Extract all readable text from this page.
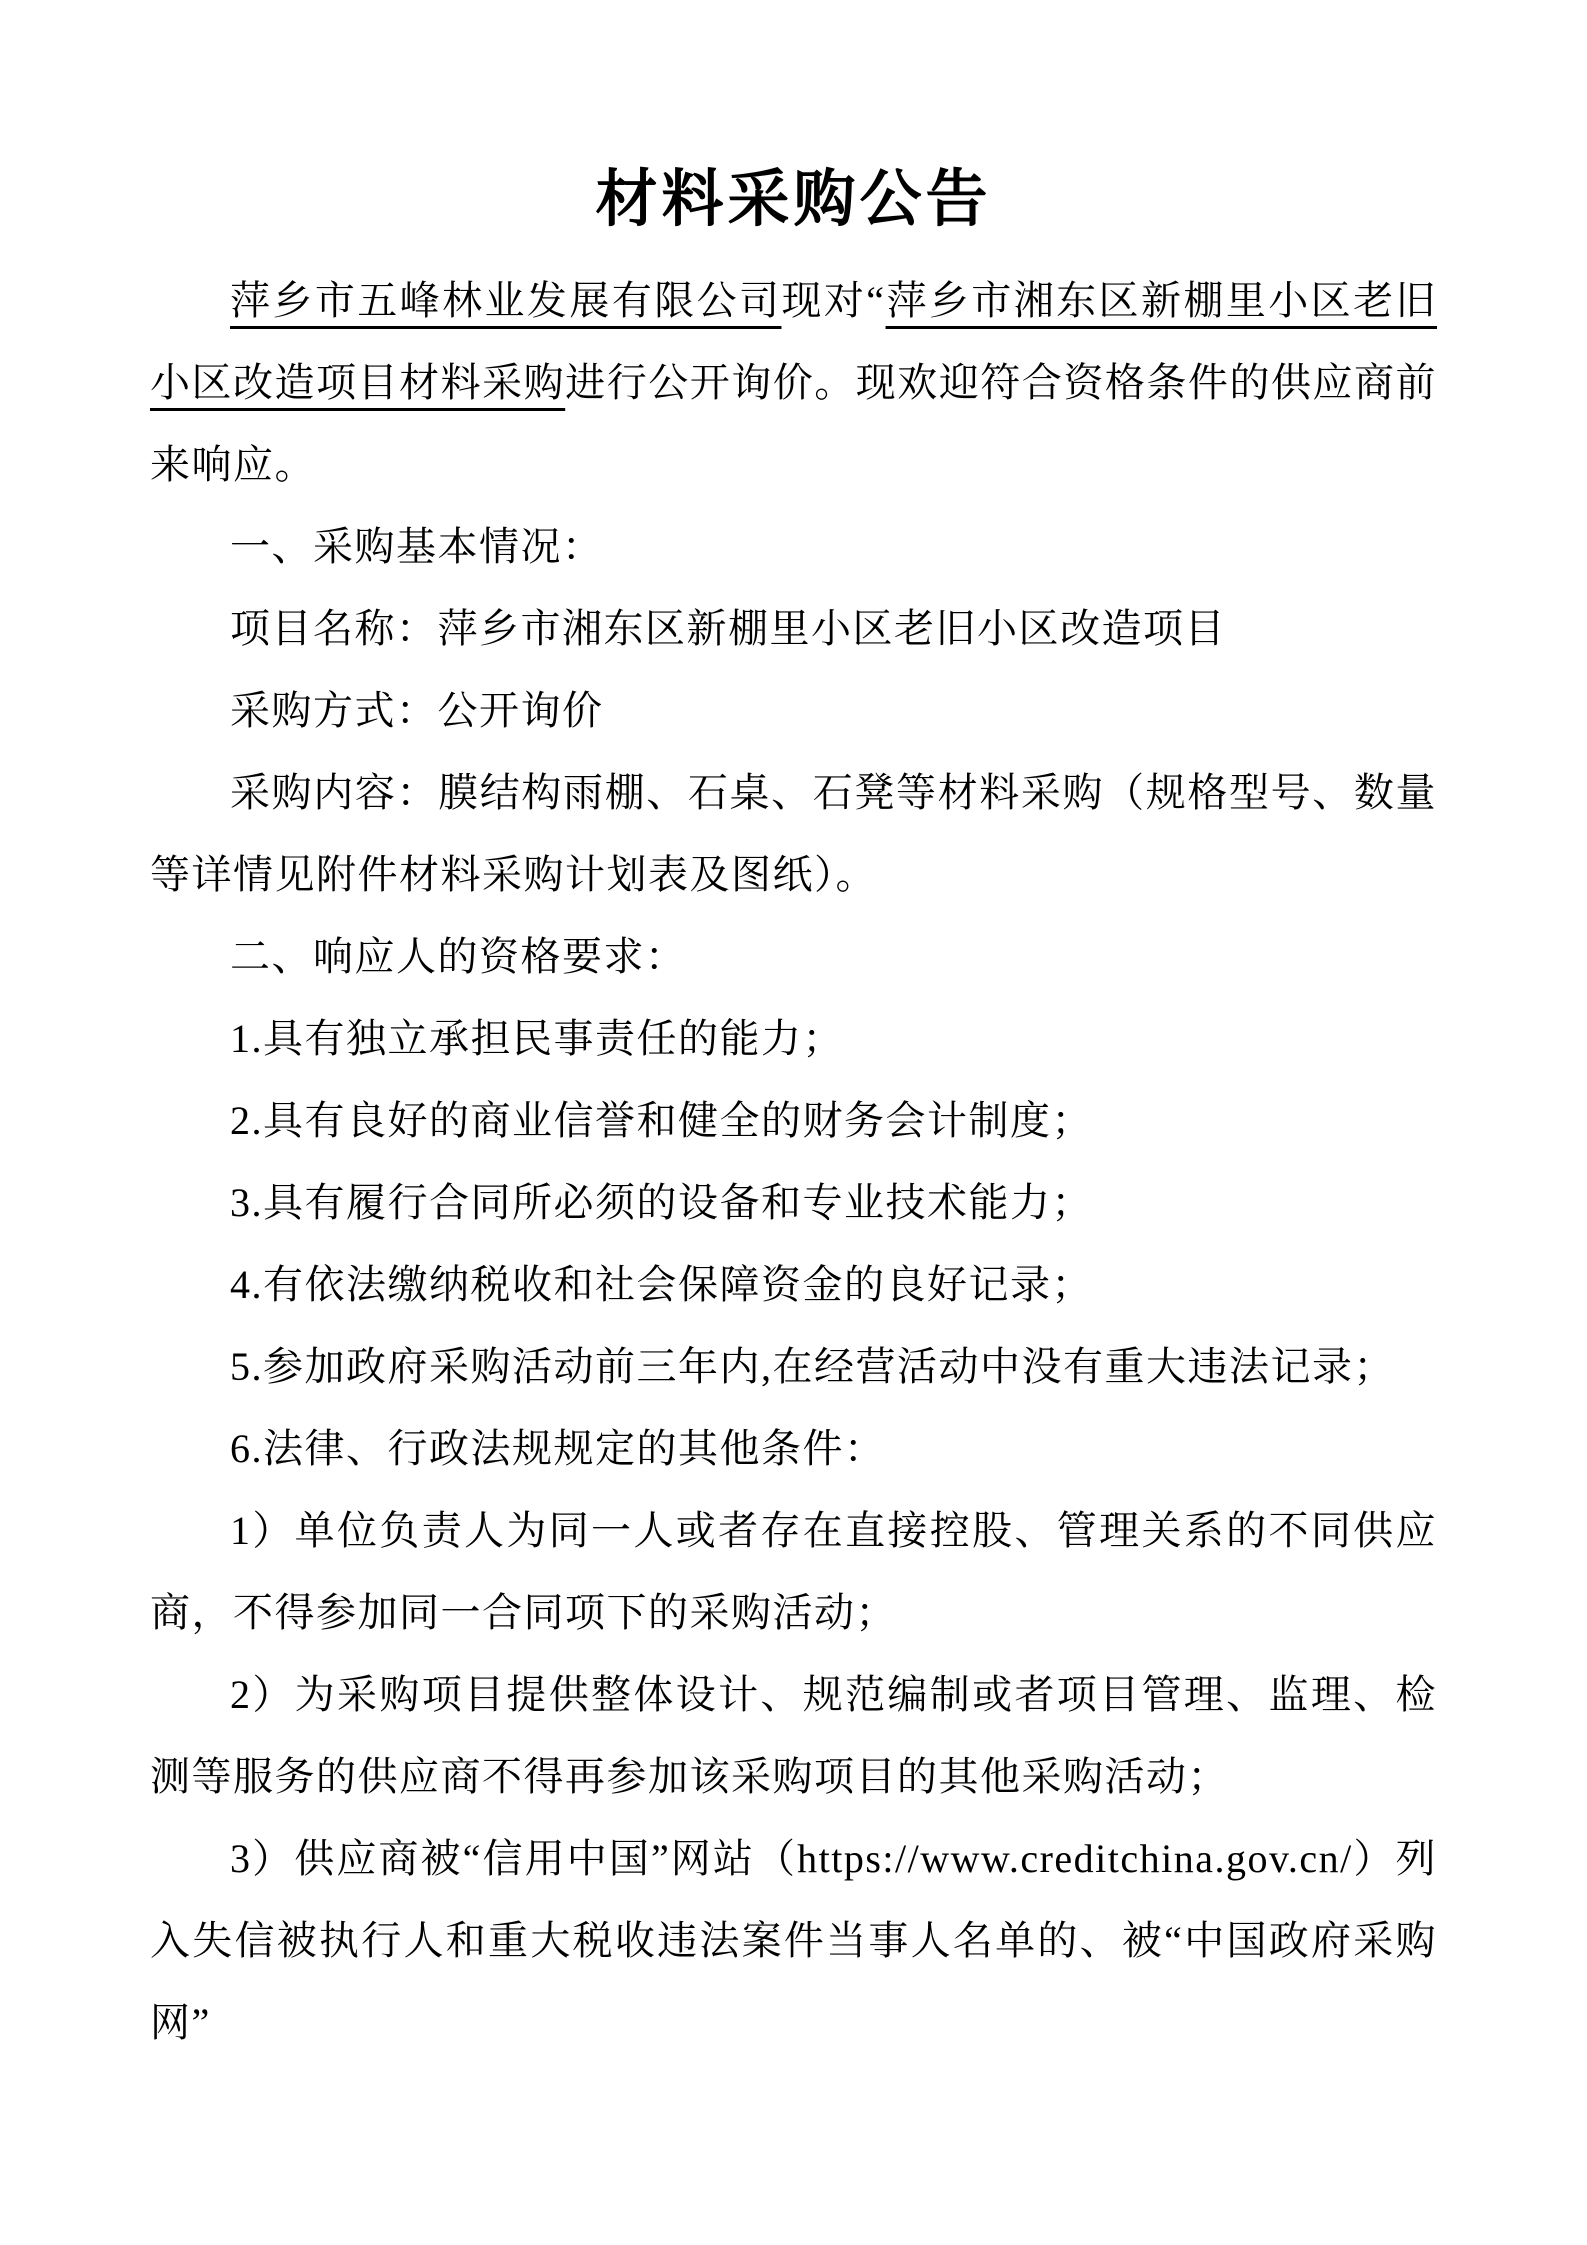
材料采购公告

萍乡市五峰林业发展有限公司现对“萍乡市湘东区新棚里小区老旧小区改造项目材料采购进行公开询价。现欢迎符合资格条件的供应商前来响应。

一、采购基本情况：

项目名称：萍乡市湘东区新棚里小区老旧小区改造项目

采购方式：公开询价

采购内容：膜结构雨棚、石桌、石凳等材料采购（规格型号、数量等详情见附件材料采购计划表及图纸）。

二、响应人的资格要求：

1.具有独立承担民事责任的能力；

2.具有良好的商业信誉和健全的财务会计制度；

3.具有履行合同所必须的设备和专业技术能力；

4.有依法缴纳税收和社会保障资金的良好记录；

5.参加政府采购活动前三年内,在经营活动中没有重大违法记录；

6.法律、行政法规规定的其他条件：

1）单位负责人为同一人或者存在直接控股、管理关系的不同供应商，不得参加同一合同项下的采购活动；

2）为采购项目提供整体设计、规范编制或者项目管理、监理、检测等服务的供应商不得再参加该采购项目的其他采购活动；

3）供应商被“信用中国”网站（https://www.creditchina.gov.cn/）列入失信被执行人和重大税收违法案件当事人名单的、被“中国政府采购网”
